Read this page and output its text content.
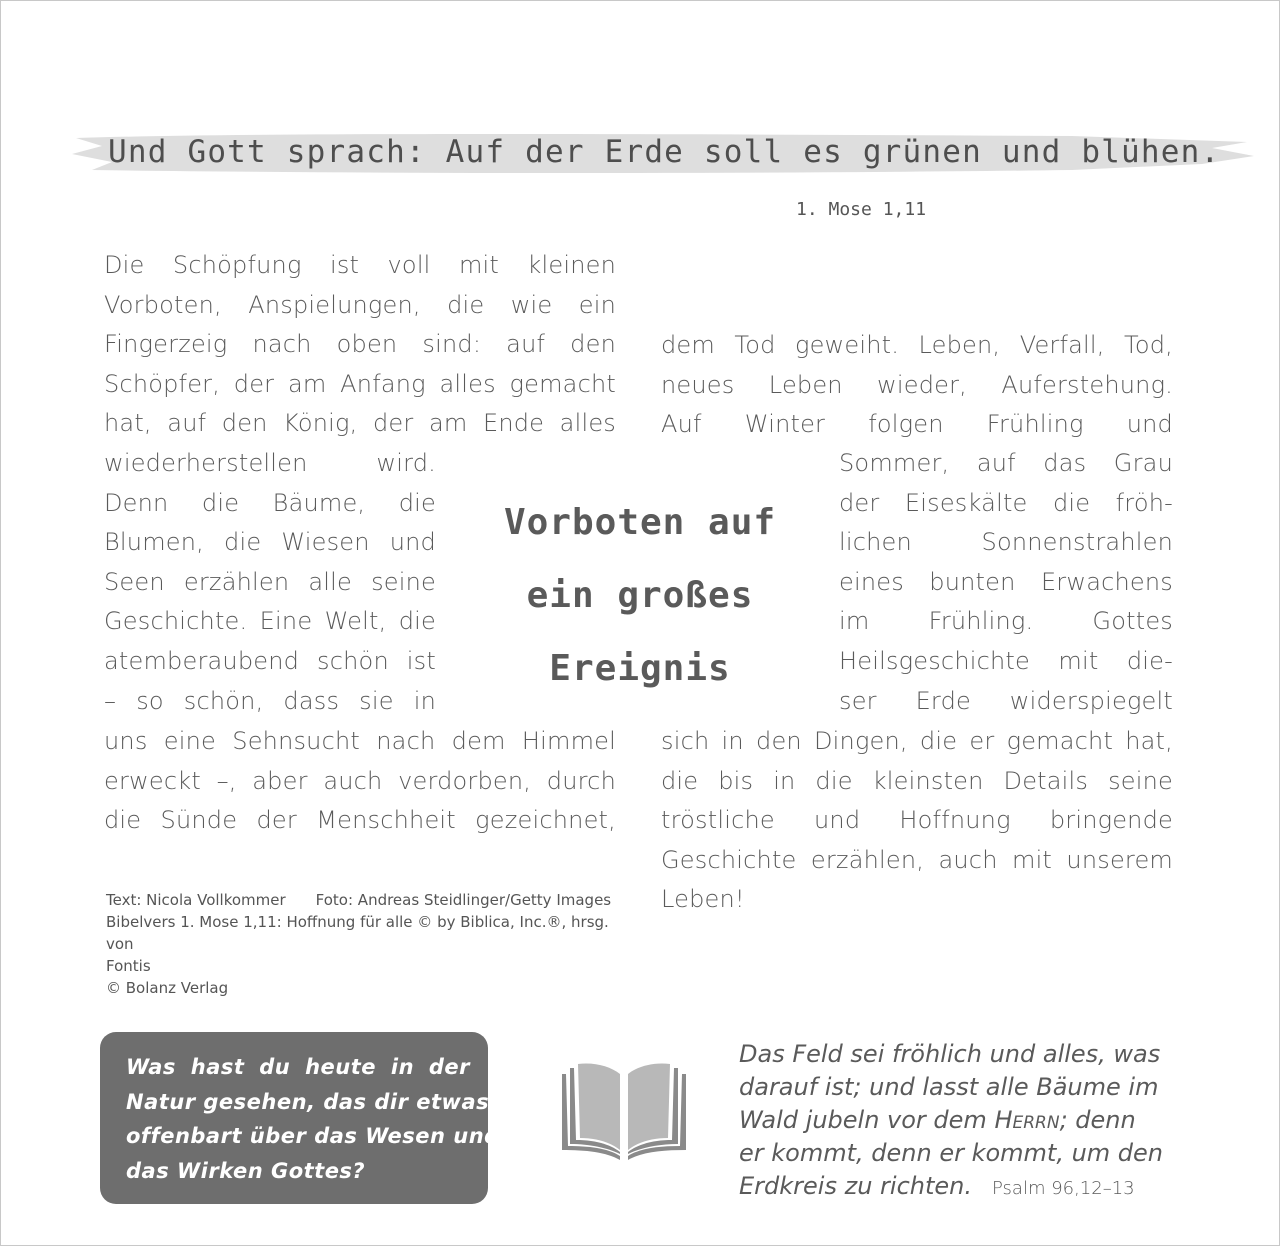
Und Gott sprach: Auf der Erde soll es grünen und blühen.
1. Mose 1,11
Die Schöpfung ist voll mit kleinen
Vorboten, Anspielungen, die wie ein
Fingerzeig nach oben sind: auf den
Schöpfer, der am Anfang alles gemacht
hat, auf den König, der am Ende alles
wiederherstellen wird.
Denn die Bäume, die
Blumen, die Wiesen und
Seen erzählen alle seine
Geschichte. Eine Welt, die
atemberaubend schön ist
– so schön, dass sie in
uns eine Sehnsucht nach dem Himmel
erweckt –, aber auch verdorben, durch
die Sünde der Menschheit gezeichnet,
dem Tod geweiht. Leben, Verfall, Tod,
neues Leben wieder, Auferstehung.
Auf Winter folgen Frühling und
Sommer, auf das Grau
der Eiseskälte die fröh-
lichen Sonnenstrahlen
eines bunten Erwachens
im Frühling. Gottes
Heilsgeschichte mit die-
ser Erde widerspiegelt
sich in den Dingen, die er gemacht hat,
die bis in die kleinsten Details seine
tröstliche und Hoffnung bringende
Geschichte erzählen, auch mit unserem
Leben!
Vorboten auf
ein großes
Ereignis
Text: Nicola Vollkommer Foto: Andreas Steidlinger/Getty Images
Bibelvers 1. Mose 1,11: Hoffnung für alle © by Biblica, Inc.®, hrsg. von
Fontis
© Bolanz Verlag
Was hast du heute in der
Natur gesehen, das dir etwas
offenbart über das Wesen und
das Wirken Gottes?
Das Feld sei fröhlich und alles, was
darauf ist; und lasst alle Bäume im
Wald jubeln vor dem Herrn; denn
er kommt, denn er kommt, um den
Erdkreis zu richten. Psalm 96,12–13
